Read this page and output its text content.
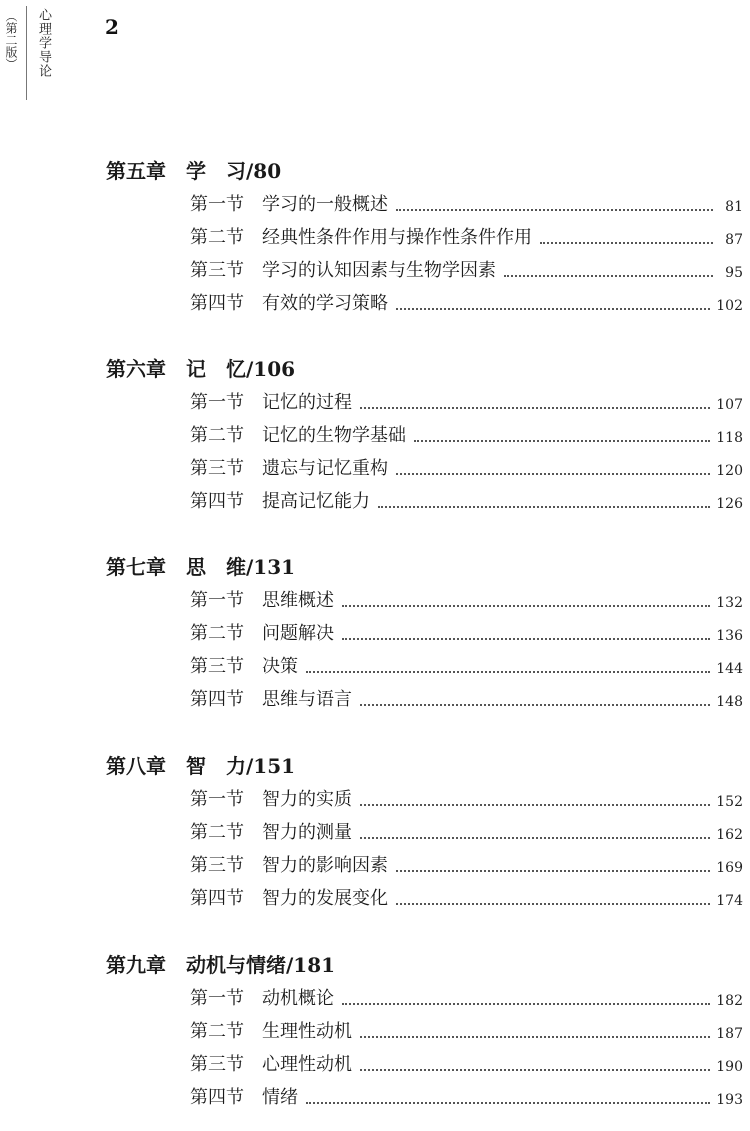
心理学导论
（第二版）	2
第五章 学　习/80
第一节	学习的一般概述	81
第二节	经典性条件作用与操作性条件作用	87
第三节	学习的认知因素与生物学因素	95
第四节	有效的学习策略	102
第六章 记　忆/106
第一节	记忆的过程	107
第二节	记忆的生物学基础	118
第三节	遗忘与记忆重构	120
第四节	提高记忆能力	126
第七章 思　维/131
第一节	思维概述	132
第二节	问题解决	136
第三节	决策	144
第四节	思维与语言	148
第八章 智　力/151
第一节	智力的实质	152
第二节	智力的测量	162
第三节	智力的影响因素	169
第四节	智力的发展变化	174
第九章 动机与情绪/181
第一节	动机概论	182
第二节	生理性动机	187
第三节	心理性动机	190
第四节	情绪	193
